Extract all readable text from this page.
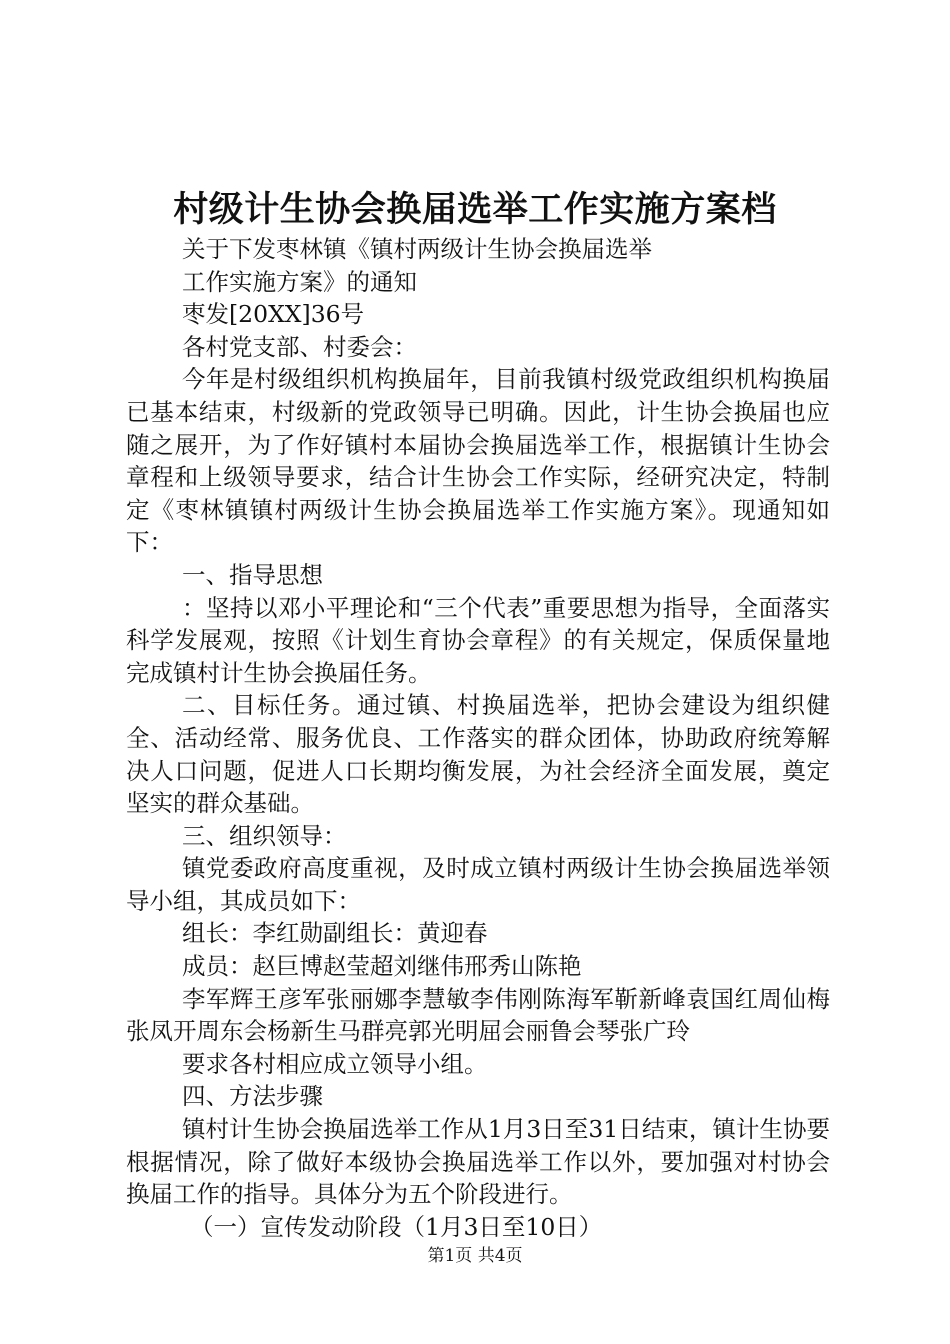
村级计生协会换届选举工作实施方案档

关于下发枣林镇《镇村两级计生协会换届选举

工作实施方案》的通知

枣发[20XX]36号

各村党支部、村委会：

今年是村级组织机构换届年，目前我镇村级党政组织机构换届已基本结束，村级新的党政领导已明确。因此，计生协会换届也应随之展开，为了作好镇村本届协会换届选举工作，根据镇计生协会章程和上级领导要求，结合计生协会工作实际，经研究决定，特制定《枣林镇镇村两级计生协会换届选举工作实施方案》。现通知如下：

一、指导思想

：坚持以邓小平理论和“三个代表”重要思想为指导，全面落实科学发展观，按照《计划生育协会章程》的有关规定，保质保量地完成镇村计生协会换届任务。

二、目标任务。通过镇、村换届选举，把协会建设为组织健全、活动经常、服务优良、工作落实的群众团体，协助政府统筹解决人口问题，促进人口长期均衡发展，为社会经济全面发展，奠定坚实的群众基础。

三、组织领导：

镇党委政府高度重视，及时成立镇村两级计生协会换届选举领导小组，其成员如下：

组长：李红勋副组长：黄迎春

成员：赵巨博赵莹超刘继伟邢秀山陈艳

李军辉王彦军张丽娜李慧敏李伟刚陈海军靳新峰袁国红周仙梅张凤开周东会杨新生马群亮郭光明屈会丽鲁会琴张广玲

要求各村相应成立领导小组。

四、方法步骤

镇村计生协会换届选举工作从1月3日至31日结束，镇计生协要根据情况，除了做好本级协会换届选举工作以外，要加强对村协会换届工作的指导。具体分为五个阶段进行。

（一）宣传发动阶段（1月3日至10日）

第1页 共4页
